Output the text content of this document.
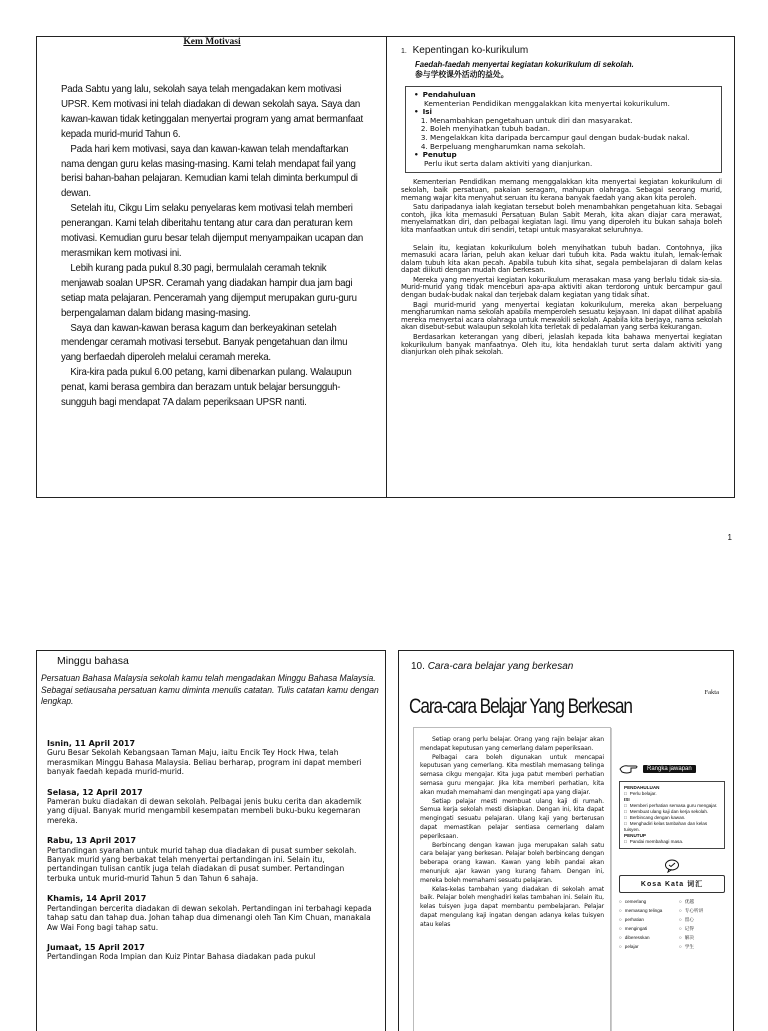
Kem Motivasi

Pada Sabtu yang lalu, sekolah saya telah mengadakan kem motivasi UPSR. Kem motivasi ini telah diadakan di dewan sekolah saya. Saya dan kawan-kawan tidak ketinggalan menyertai program yang amat bermanfaat kepada murid-murid Tahun 6.

Pada hari kem motivasi, saya dan kawan-kawan telah mendaftarkan nama dengan guru kelas masing-masing. Kami telah mendapat fail yang berisi bahan-bahan pelajaran. Kemudian kami telah diminta berkumpul di dewan.

Setelah itu, Cikgu Lim selaku penyelaras kem motivasi telah memberi penerangan. Kami telah diberitahu tentang atur cara dan peraturan kem motivasi. Kemudian guru besar telah dijemput menyampaikan ucapan dan merasmikan kem motivasi ini.

Lebih kurang pada pukul 8.30 pagi, bermulalah ceramah teknik menjawab soalan UPSR. Ceramah yang diadakan hampir dua jam bagi setiap mata pelajaran. Penceramah yang dijemput merupakan guru-guru berpengalaman dalam bidang masing-masing.

Saya dan kawan-kawan berasa kagum dan berkeyakinan setelah mendengar ceramah motivasi tersebut. Banyak pengetahuan dan ilmu yang berfaedah diperoleh melalui ceramah mereka.

Kira-kira pada pukul 6.00 petang, kami dibenarkan pulang. Walaupun penat, kami berasa gembira dan berazam untuk belajar bersungguh-sungguh bagi mendapat 7A dalam peperiksaan UPSR nanti.

1. Kepentingan ko-kurikulum
Faedah-faedah menyertai kegiatan kokurikulum di sekolah.
参与学校课外活动的益处。
• Pendahuluan
Kementerian Pendidikan menggalakkan kita menyertai kokurikulum.
• Isi
1. Menambahkan pengetahuan untuk diri dan masyarakat.
2. Boleh menyihatkan tubuh badan.
3. Mengelakkan kita daripada bercampur gaul dengan budak-budak nakal.
4. Berpeluang mengharumkan nama sekolah.
• Penutup
Perlu ikut serta dalam aktiviti yang dianjurkan.

Kementerian Pendidikan memang menggalakkan kita menyertai kegiatan kokurikulum di sekolah, baik persatuan, pakaian seragam, mahupun olahraga. Sebagai seorang murid, memang wajar kita menyahut seruan itu kerana banyak faedah yang akan kita peroleh.

Satu daripadanya ialah kegiatan tersebut boleh menambahkan pengetahuan kita. Sebagai contoh, jika kita memasuki Persatuan Bulan Sabit Merah, kita akan diajar cara merawat, menyelamatkan diri, dan pelbagai kegiatan lagi. Ilmu yang diperoleh itu bukan sahaja boleh kita manfaatkan untuk diri sendiri, tetapi untuk masyarakat seluruhnya.

Selain itu, kegiatan kokurikulum boleh menyihatkan tubuh badan. Contohnya, jika memasuki acara larian, peluh akan keluar dari tubuh kita. Pada waktu itulah, lemak-lemak dalam tubuh kita akan pecah. Apabila tubuh kita sihat, segala pembelajaran di dalam kelas dapat diikuti dengan mudah dan berkesan.

Mereka yang menyertai kegiatan kokurikulum merasakan masa yang berlalu tidak sia-sia. Murid-murid yang tidak menceburi apa-apa aktiviti akan terdorong untuk bercampur gaul dengan budak-budak nakal dan terjebak dalam kegiatan yang tidak sihat.

Bagi murid-murid yang menyertai kegiatan kokurikulum, mereka akan berpeluang mengharumkan nama sekolah apabila memperoleh sesuatu kejayaan. Ini dapat dilihat apabila mereka menyertai acara olahraga untuk mewakili sekolah. Apabila kita berjaya, nama sekolah akan disebut-sebut walaupun sekolah kita terletak di pedalaman yang serba kekurangan.

Berdasarkan keterangan yang diberi, jelaslah kepada kita bahawa menyertai kegiatan kokurikulum banyak manfaatnya. Oleh itu, kita hendaklah turut serta dalam aktiviti yang dianjurkan oleh pihak sekolah.

1
Minggu bahasa
Persatuan Bahasa Malaysia sekolah kamu telah mengadakan Minggu Bahasa Malaysia. Sebagai setiausaha persatuan kamu diminta menulis catatan. Tulis catatan kamu dengan lengkap.
Isnin, 11 April 2017
Guru Besar Sekolah Kebangsaan Taman Maju, iaitu Encik Tey Hock Hwa, telah merasmikan Minggu Bahasa Malaysia. Beliau berharap, program ini dapat memberi banyak faedah kepada murid-murid.
Selasa, 12 April 2017
Pameran buku diadakan di dewan sekolah. Pelbagai jenis buku cerita dan akademik yang dijual. Banyak murid mengambil kesempatan membeli buku-buku kegemaran mereka.
Rabu, 13 April 2017
Pertandingan syarahan untuk murid tahap dua diadakan di pusat sumber sekolah. Banyak murid yang berbakat telah menyertai pertandingan ini. Selain itu, pertandingan tulisan cantik juga telah diadakan di pusat sumber. Pertandingan terbuka untuk murid-murid Tahun 5 dan Tahun 6 sahaja.
Khamis, 14 April 2017
Pertandingan bercerita diadakan di dewan sekolah. Pertandingan ini terbahagi kepada tahap satu dan tahap dua. Johan tahap dua dimenangi oleh Tan Kim Chuan, manakala Aw Wai Fong bagi tahap satu.
Jumaat, 15 April 2017
Pertandingan Roda Impian dan Kuiz Pintar Bahasa diadakan pada pukul
10. Cara-cara belajar yang berkesan
Fakta
Cara-cara Belajar Yang Berkesan

Setiap orang perlu belajar. Orang yang rajin belajar akan mendapat keputusan yang cemerlang dalam peperiksaan.

Pelbagai cara boleh digunakan untuk mencapai keputusan yang cemerlang. Kita mestilah memasang telinga semasa cikgu mengajar. Kita juga patut memberi perhatian semasa guru mengajar. Jika kita memberi perhatian, kita akan mudah memahami dan mengingati apa yang diajar.

Setiap pelajar mesti membuat ulang kaji di rumah. Semua kerja sekolah mesti disiapkan. Dengan ini, kita dapat mengingati sesuatu pelajaran. Ulang kaji yang berterusan dapat memastikan pelajar sentiasa cemerlang dalam peperiksaan.

Berbincang dengan kawan juga merupakan salah satu cara belajar yang berkesan. Pelajar boleh berbincang dengan beberapa orang kawan. Kawan yang lebih pandai akan menunjuk ajar kawan yang kurang faham. Dengan ini, mereka boleh memahami sesuatu pelajaran.

Kelas-kelas tambahan yang diadakan di sekolah amat baik. Pelajar boleh menghadiri kelas tambahan ini. Selain itu, kelas tuisyen juga dapat membantu pembelajaran. Pelajar dapat mengulang kaji ingatan dengan adanya kelas tuisyen atau kelas

Rangka jawapan
PENDAHULUAN
□ Perlu belajar.
ISI
□ Memberi perhatian semasa guru mengajar.
□ Membuat ulang kaji dan kerja sekolah.
□ Berbincang dengan kawan.
□ Menghadiri kelas tambahan dan kelas tuisyen.
PENUTUP
□ Pandai membahagi masa.
Kosa Kata 词汇
○ cemerlang	○ 优越
○ memasang telinga	○ 专心听讲
○ perhatian	○ 留心
○ mengingati	○ 记得
○ diberesskan	○ 解决
○ pelajar	○ 学生
